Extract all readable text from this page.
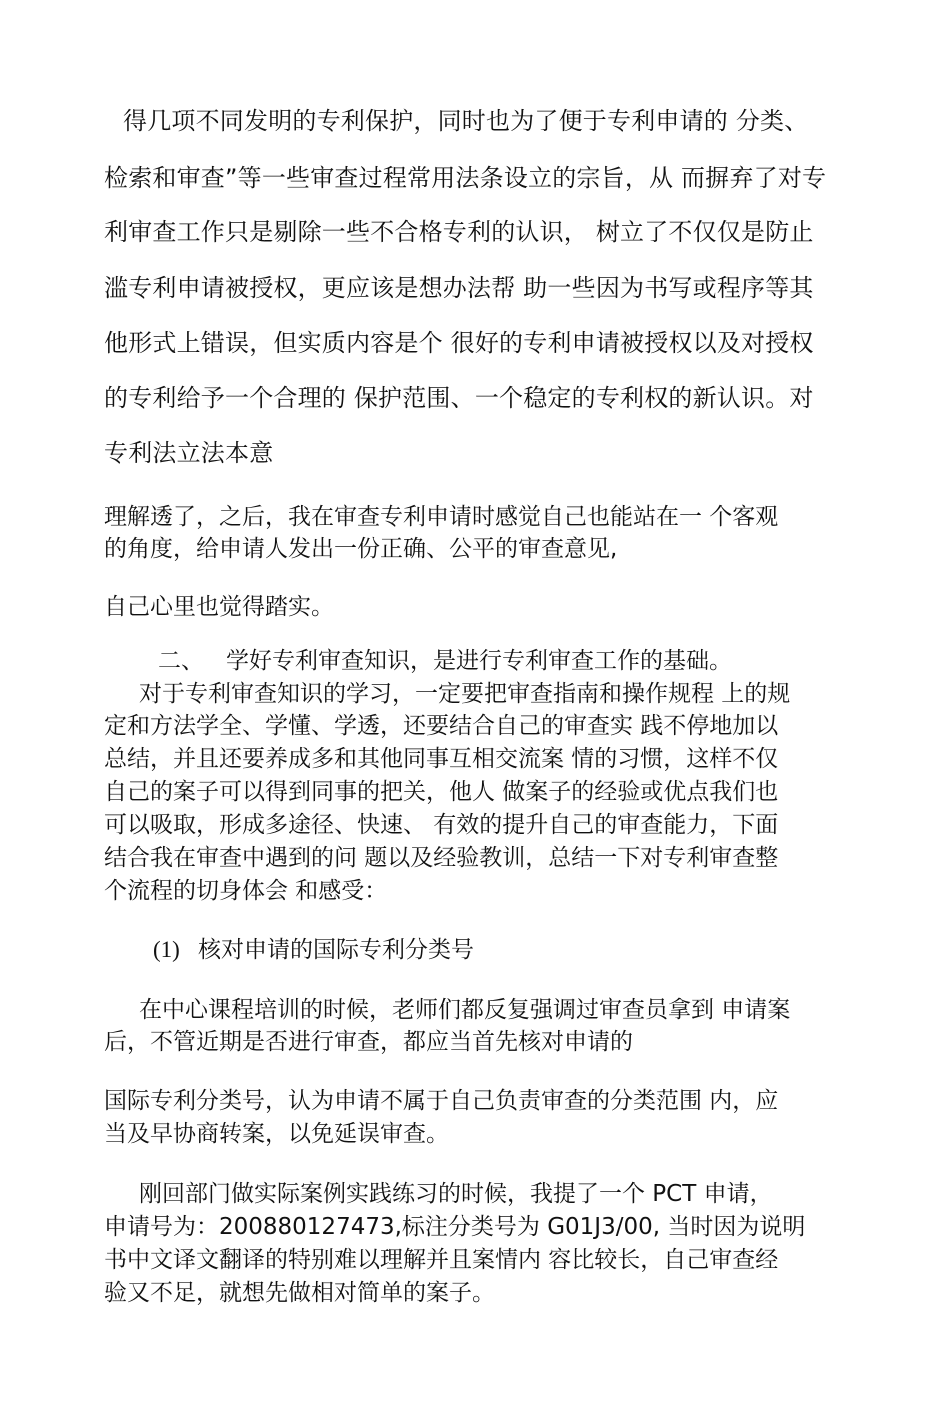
得几项不同发明的专利保护，同时也为了便于专利申请的 分类、
检索和审查”等一些审查过程常用法条设立的宗旨，从 而摒弃了对专
利审查工作只是剔除一些不合格专利的认识， 树立了不仅仅是防止
滥专利申请被授权，更应该是想办法帮 助一些因为书写或程序等其
他形式上错误，但实质内容是个 很好的专利申请被授权以及对授权
的专利给予一个合理的 保护范围、一个稳定的专利权的新认识。对
专利法立法本意
理解透了，之后，我在审查专利申请时感觉自己也能站在一 个客观
的角度，给申请人发出一份正确、公平的审查意见,
自己心里也觉得踏实。
二、 学好专利审查知识，是进行专利审查工作的基础。
对于专利审查知识的学习，一定要把审查指南和操作规程 上的规
定和方法学全、学懂、学透，还要结合自己的审查实 践不停地加以
总结，并且还要养成多和其他同事互相交流案 情的习惯，这样不仅
自己的案子可以得到同事的把关，他人 做案子的经验或优点我们也
可以吸取，形成多途径、快速、 有效的提升自己的审查能力，下面
结合我在审查中遇到的问 题以及经验教训，总结一下对专利审查整
个流程的切身体会 和感受：
(1) 核对申请的国际专利分类号
在中心课程培训的时候，老师们都反复强调过审查员拿到 申请案
后，不管近期是否进行审查，都应当首先核对申请的
国际专利分类号，认为申请不属于自己负责审查的分类范围 内，应
当及早协商转案，以免延误审查。
刚回部门做实际案例实践练习的时候，我提了一个 PCT 申请，
申请号为：200880127473,标注分类号为 G01J3/00, 当时因为说明
书中文译文翻译的特别难以理解并且案情内 容比较长，自己审查经
验又不足，就想先做相对简单的案子。
